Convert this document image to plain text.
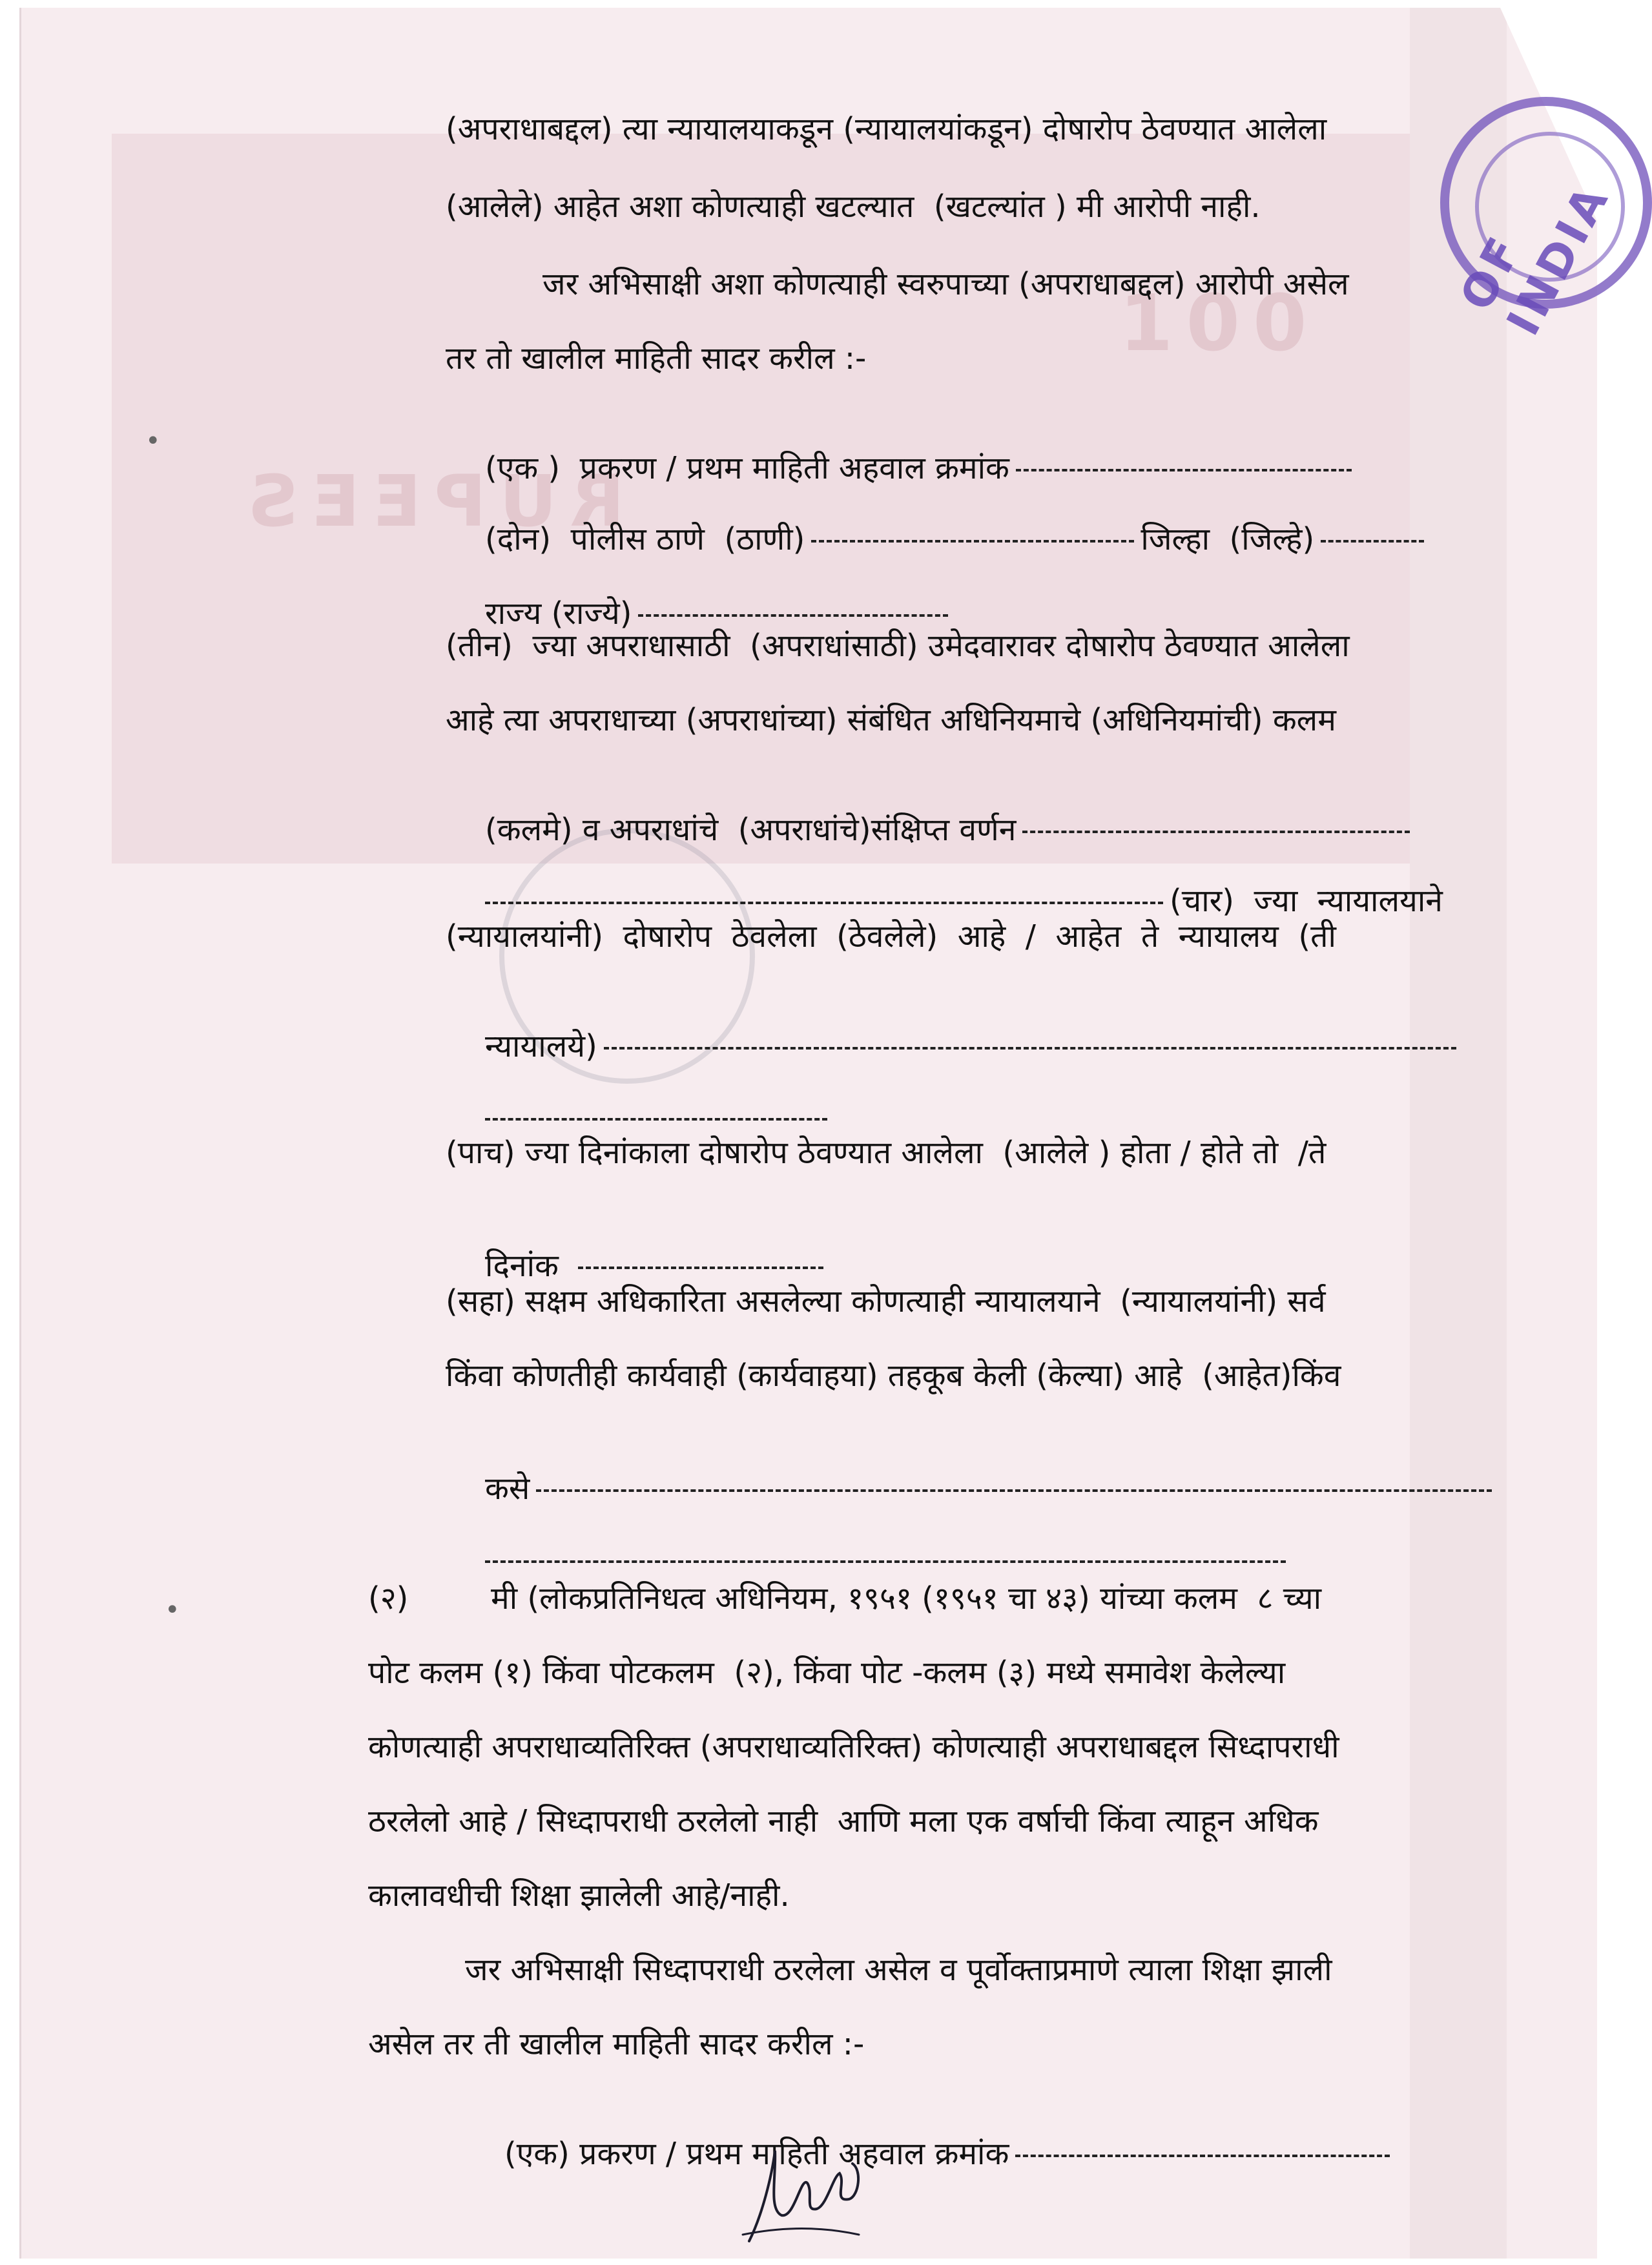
RUPEES
100
OF INDIA
•
•
(अपराधाबद्दल) त्या न्यायालयाकडून (न्यायालयांकडून) दोषारोप ठेवण्यात आलेला
(आलेले) आहेत अशा कोणत्याही खटल्यात  (खटल्यांत ) मी आरोपी नाही.
जर अभिसाक्षी अशा कोणत्याही स्वरुपाच्या (अपराधाबद्दल) आरोपी असेल
तर तो खालील माहिती सादर करील :-

(एक )  प्रकरण / प्रथम माहिती अहवाल क्रमांक

(दोन)  पोलीस ठाणे  (ठाणी)	जिल्हा  (जिल्हे)

राज्य (राज्ये)

(तीन)  ज्या अपराधासाठी  (अपराधांसाठी) उमेदवारावर दोषारोप ठेवण्यात आलेला
आहे त्या अपराधाच्या (अपराधांच्या) संबंधित अधिनियमाचे (अधिनियमांची) कलम

(कलमे) व अपराधांचे  (अपराधांचे)संक्षिप्त वर्णन

(चार)  ज्या  न्यायालयाने

(न्यायालयांनी)  दोषारोप  ठेवलेला  (ठेवलेले)  आहे  /  आहेत  ते  न्यायालय  (ती

न्यायालये)

(पाच) ज्या दिनांकाला दोषारोप ठेवण्यात आलेला  (आलेले ) होता / होते तो  /ते

दिनांक

(सहा) सक्षम अधिकारिता असलेल्या कोणत्याही न्यायालयाने  (न्यायालयांनी) सर्व
किंवा कोणतीही कार्यवाही (कार्यवाहया) तहकूब केली (केल्या) आहे  (आहेत)किंव

कसे

(२)	मी (लोकप्रतिनिधत्व अधिनियम, १९५१ (१९५१ चा ४३) यांच्या कलम  ८ च्या
पोट कलम (१) किंवा पोटकलम  (२), किंवा पोट -कलम (३) मध्ये समावेश केलेल्या
कोणत्याही अपराधाव्यतिरिक्त (अपराधाव्यतिरिक्त) कोणत्याही अपराधाबद्दल सिध्दापराधी
ठरलेलो आहे / सिध्दापराधी ठरलेलो नाही  आणि मला एक वर्षाची किंवा त्याहून अधिक
कालावधीची शिक्षा झालेली आहे/नाही.
जर अभिसाक्षी सिध्दापराधी ठरलेला असेल व पूर्वोक्ताप्रमाणे त्याला शिक्षा झाली
असेल तर ती खालील माहिती सादर करील :-

(एक) प्रकरण / प्रथम माहिती अहवाल क्रमांक
